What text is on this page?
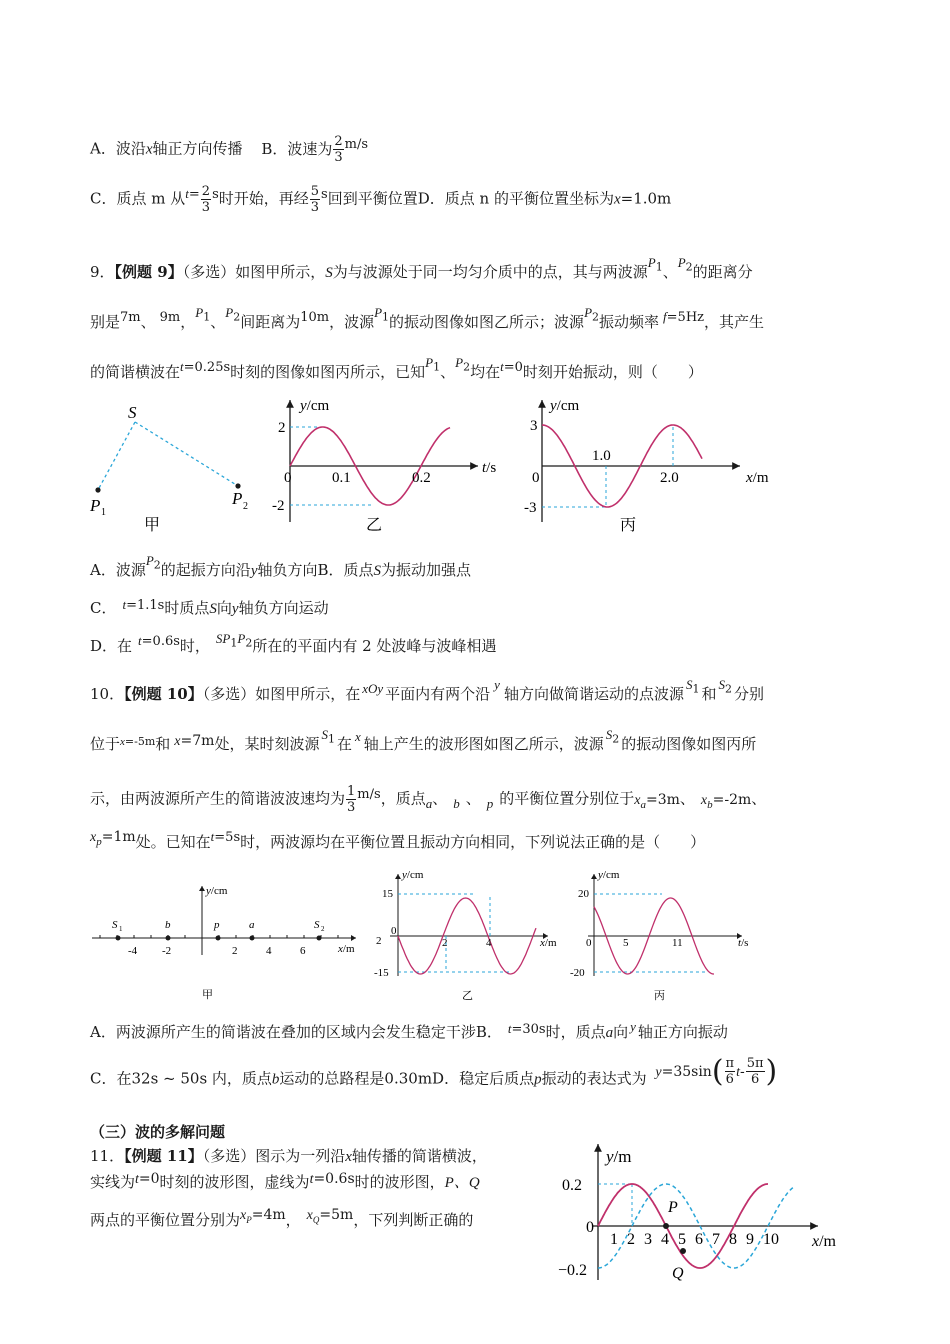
A．波沿x轴正方向传播 B．波速为 $\frac{2}{3} m/s$
C．质点 m 从$t= \frac{2}{3}$ s时开始，再经 $\frac{5}{3}$ s回到平衡位置D．质点 n 的平衡位置坐标为x=1.0m
9．【例题 9】（多选）如图甲所示，S为与波源处于同一均匀介质中的点，其与两波源$P_1$、$P_2$的距离分
别是7m、 9m，$P_1$、$P_2$间距离为10m，波源$P_1$的振动图像如图乙所示；波源$P_2$振动频率 f=5Hz，其产生
的简谐横波在t=0.25s时刻的图像如图丙所示，已知$P_1$、$P_2$均在t=0时刻开始振动，则（　　）
S
P 1
P 2
甲
y/cm
2
-2
0	0.1	0.2
t/s
乙
y/cm
3
-3
0
1.0
2.0	x/m
丙
A．波源$P_2$的起振方向沿y轴负方向B．质点S为振动加强点
C． t=1.1s时质点S向y轴负方向运动
D．在 t=0.6s时， $SP_1P_2$所在的平面内有 2 处波峰与波峰相遇
10．【例题 10】（多选）如图甲所示，在 xOy 平面内有两个沿y轴方向做简谐运动的点波源$S_1$ 和$S_2$ 分别
位于$^{x=-5m}$和 x=7m处，某时刻波源$S_1$ 在 x 轴上产生的波形图如图乙所示，波源$S_2$ 的振动图像如图丙所
示，由两波源所产生的简谐波波速均为 $\frac{1}{3} m/s$，质点a、 b 、 p 的平衡位置分别位于$x_a=3m$、 $x_b=-2m$、
$x_p=1m$处。已知在t=5s时，两波源均在平衡位置且振动方向相同，下列说法正确的是（　　）
y/cm
S 1	b	p	a	S 2
-4 -2	2	4	6	x/m
甲
y/cm
15
-15
2
0
2	4	x/m
乙
y/cm
20
-20
0	5	11	t/s
丙
A．两波源所产生的简谐波在叠加的区域内会发生稳定干涉B． t=30s时，质点a向 y 轴正方向振动
C．在32s ~ 50s 内，质点b运动的总路程是0.30mD．稳定后质点p振动的表达式为 $y=35\sin( \frac{\pi}{6} t- \frac{5\pi}{6}$ )
（三）波的多解问题
11．【例题 11】（多选）图示为一列沿x轴传播的简谐横波，
实线为t=0时刻的波形图，虚线为t=0.6s时的波形图，P、Q
两点的平衡位置分别为$x_P=4m$， $x_Q=5m$，下列判断正确的
y/m
0.2
−0.2
0
P
Q
1 2 3 4 5 6 7 8 9 10 x/m
